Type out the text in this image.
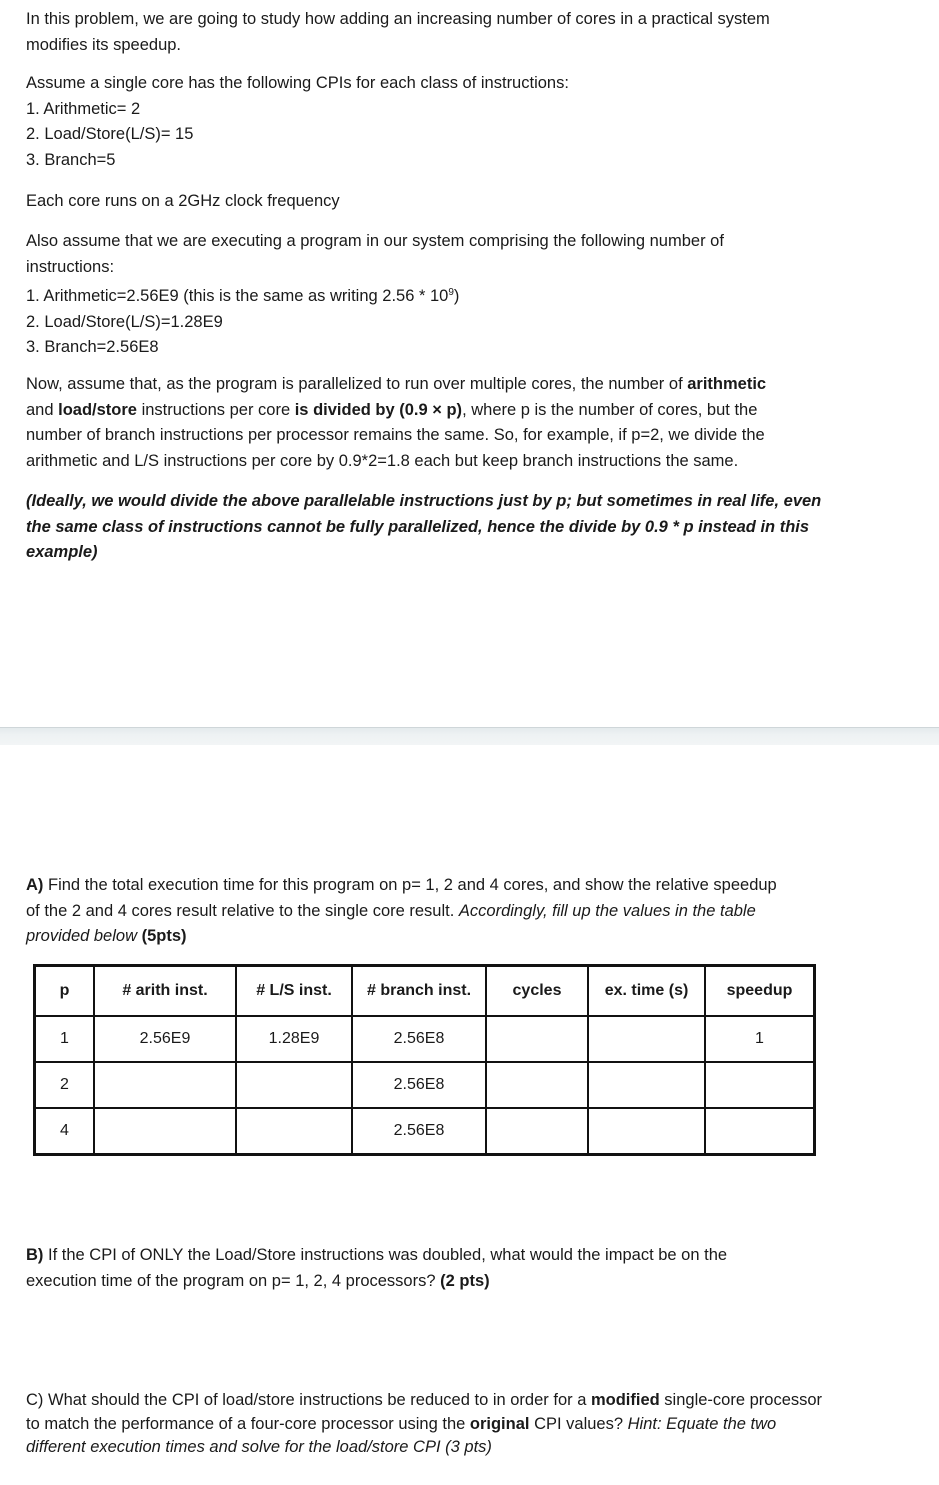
In this problem, we are going to study how adding an increasing number of cores in a practical system
modifies its speedup.
Assume a single core has the following CPIs for each class of instructions:
1. Arithmetic= 2
2. Load/Store(L/S)= 15
3. Branch=5
Each core runs on a 2GHz clock frequency
Also assume that we are executing a program in our system comprising the following number of
instructions:
1. Arithmetic=2.56E9 (this is the same as writing $2.56 * 10^9$)
2. Load/Store(L/S)=1.28E9
3. Branch=2.56E8
Now, assume that, as the program is parallelized to run over multiple cores, the number of arithmetic
and load/store instructions per core is divided by (0.9 × p), where p is the number of cores, but the
number of branch instructions per processor remains the same. So, for example, if p=2, we divide the
arithmetic and L/S instructions per core by 0.9*2=1.8 each but keep branch instructions the same.
(Ideally, we would divide the above parallelable instructions just by p; but sometimes in real life, even
the same class of instructions cannot be fully parallelized, hence the divide by 0.9 * p instead in this
example)
A) Find the total execution time for this program on p= 1, 2 and 4 cores, and show the relative speedup
of the 2 and 4 cores result relative to the single core result. Accordingly, fill up the values in the table
provided below (5pts)
p	# arith inst.	# L/S inst.	# branch inst.	cycles	ex. time (s)	speedup
1	2.56E9	1.28E9	2.56E8			1
2			2.56E8			
4			2.56E8			
B) If the CPI of ONLY the Load/Store instructions was doubled, what would the impact be on the
execution time of the program on p= 1, 2, 4 processors? (2 pts)
C) What should the CPI of load/store instructions be reduced to in order for a modified single-core processor
to match the performance of a four-core processor using the original CPI values? Hint: Equate the two
different execution times and solve for the load/store CPI (3 pts)
